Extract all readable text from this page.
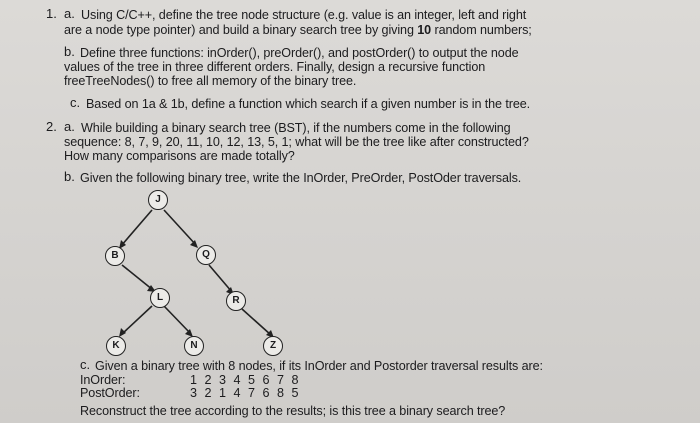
1. a. Using C/C++, define the tree node structure (e.g. value is an integer, left and right
are a node type pointer) and build a binary search tree by giving 10 random numbers;
b. Define three functions: inOrder(), preOrder(), and postOrder() to output the node
values of the tree in three different orders. Finally, design a recursive function
freeTreeNodes() to free all memory of the binary tree.
c. Based on 1a & 1b, define a function which search if a given number is in the tree.
2. a. While building a binary search tree (BST), if the numbers come in the following
sequence: 8, 7, 9, 20, 11, 10, 12, 13, 5, 1; what will be the tree like after constructed?
How many comparisons are made totally?
b. Given the following binary tree, write the InOrder, PreOrder, PostOder traversals.
J
B	Q
L	R
K	N	Z
c. Given a binary tree with 8 nodes, if its InOrder and Postorder traversal results are:
InOrder:	1 2 3 4 5 6 7 8
PostOrder:	3 2 1 4 7 6 8 5
Reconstruct the tree according to the results; is this tree a binary search tree?
